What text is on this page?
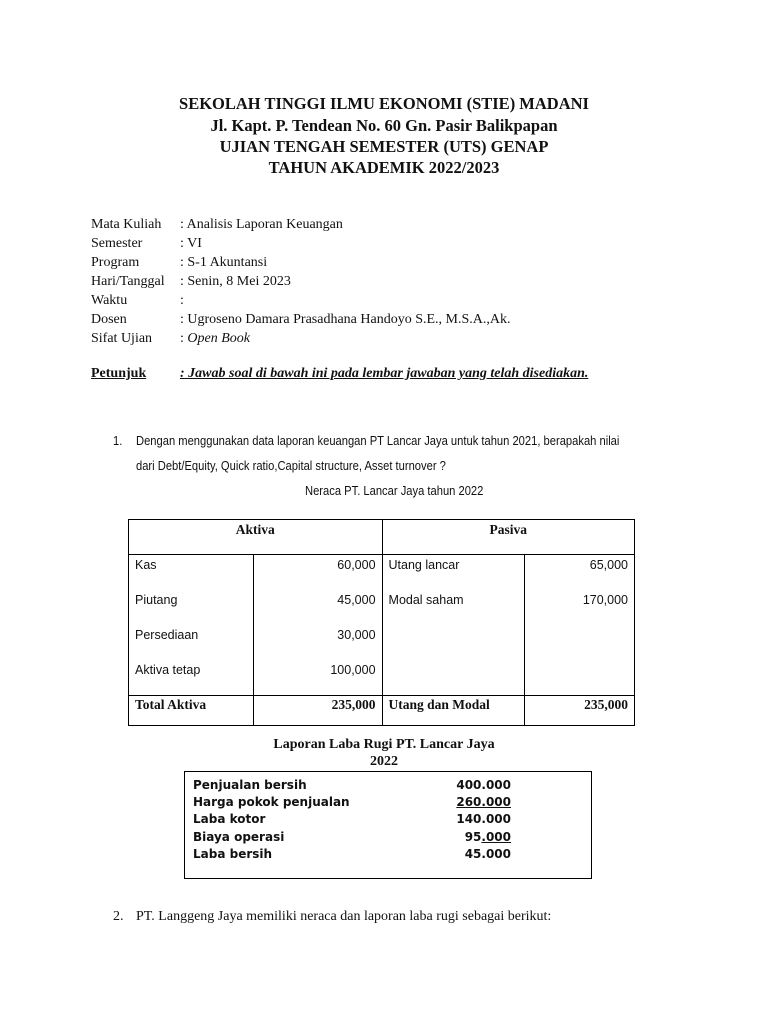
SEKOLAH TINGGI ILMU EKONOMI (STIE) MADANI
Jl. Kapt. P. Tendean No. 60 Gn. Pasir Balikpapan
UJIAN TENGAH SEMESTER (UTS) GENAP
TAHUN AKADEMIK 2022/2023
Mata Kuliah	: Analisis Laporan Keuangan
Semester	: VI
Program	: S-1 Akuntansi
Hari/Tanggal	: Senin, 8 Mei 2023
Waktu	:
Dosen	: Ugroseno Damara Prasadhana Handoyo S.E., M.S.A.,Ak.
Sifat Ujian	: Open Book
Petunjuk : Jawab soal di bawah ini pada lembar jawaban yang telah disediakan.
1. Dengan menggunakan data laporan keuangan PT Lancar Jaya untuk tahun 2021, berapakah nilai
dari Debt/Equity, Quick ratio,Capital structure, Asset turnover ?
Neraca PT. Lancar Jaya tahun 2022
Aktiva		Pasiva	
Kas	60,000	Utang lancar	65,000
Piutang	45,000	Modal saham	170,000
Persediaan	30,000		
Aktiva tetap	100,000		
Total Aktiva	235,000	Utang dan Modal	235,000
Laporan Laba Rugi PT. Lancar Jaya
2022
Penjualan bersih	400.000
Harga pokok penjualan	260.000
Laba kotor	140.000
Biaya operasi	95.000
Laba bersih	45.000
2. PT. Langgeng Jaya memiliki neraca dan laporan laba rugi sebagai berikut:
